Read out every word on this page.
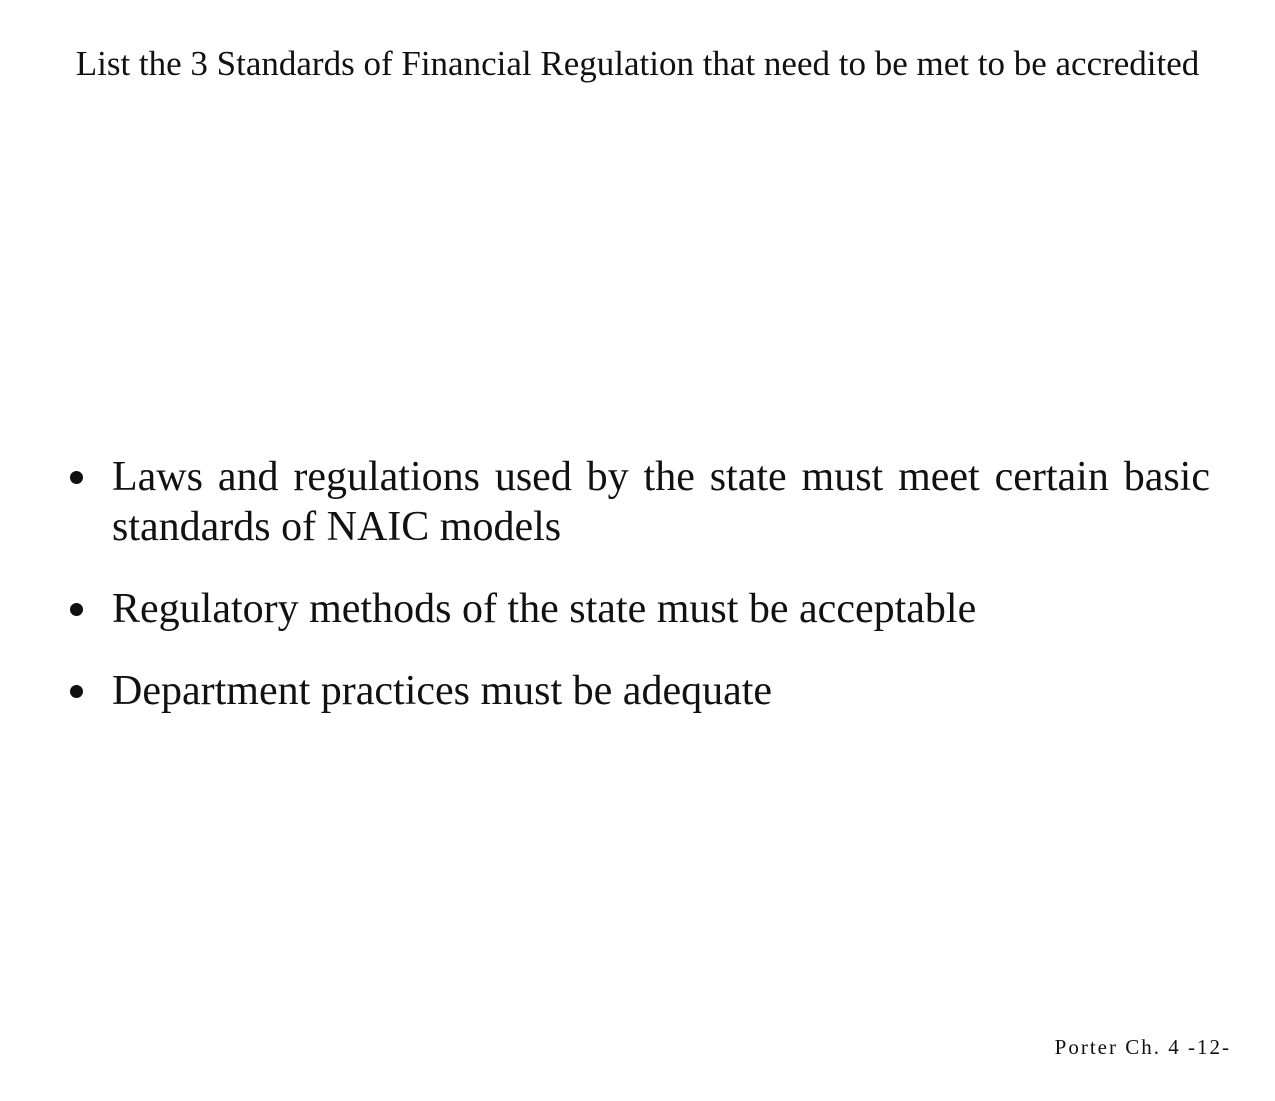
List the 3 Standards of Financial Regulation that need to be met to be accredited
Laws and regulations used by the state must meet certain basic standards of NAIC models
Regulatory methods of the state must be acceptable
Department practices must be adequate
Porter Ch. 4 -12-
